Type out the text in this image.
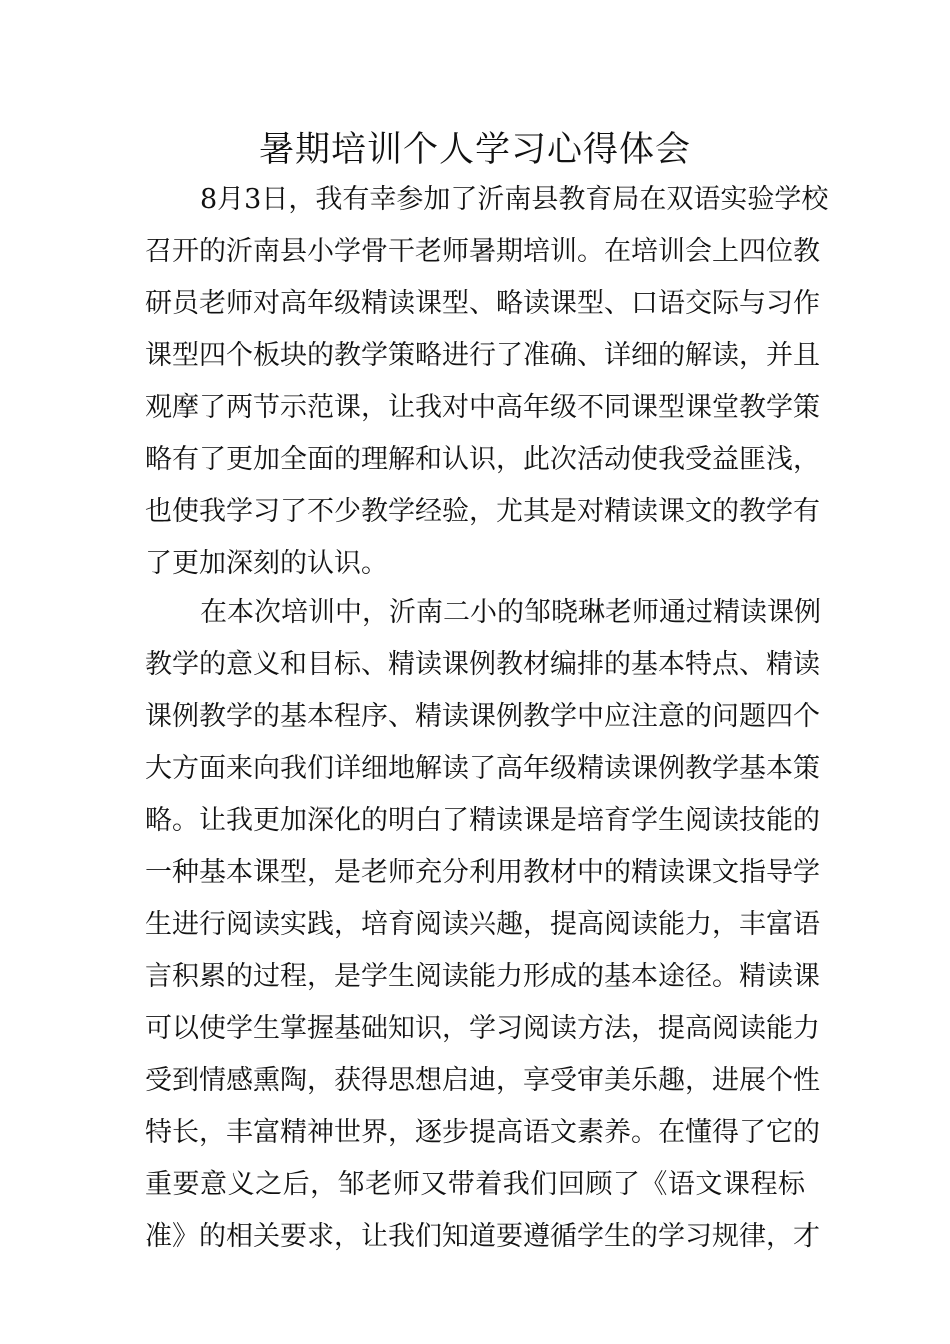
暑期培训个人学习心得体会
8月3日，我有幸参加了沂南县教育局在双语实验学校
召开的沂南县小学骨干老师暑期培训。在培训会上四位教
研员老师对高年级精读课型、略读课型、口语交际与习作
课型四个板块的教学策略进行了准确、详细的解读，并且
观摩了两节示范课，让我对中高年级不同课型课堂教学策
略有了更加全面的理解和认识，此次活动使我受益匪浅，
也使我学习了不少教学经验，尤其是对精读课文的教学有
了更加深刻的认识。
在本次培训中，沂南二小的邹晓琳老师通过精读课例
教学的意义和目标、精读课例教材编排的基本特点、精读
课例教学的基本程序、精读课例教学中应注意的问题四个
大方面来向我们详细地解读了高年级精读课例教学基本策
略。让我更加深化的明白了精读课是培育学生阅读技能的
一种基本课型，是老师充分利用教材中的精读课文指导学
生进行阅读实践，培育阅读兴趣，提高阅读能力，丰富语
言积累的过程，是学生阅读能力形成的基本途径。精读课
可以使学生掌握基础知识，学习阅读方法，提高阅读能力
受到情感熏陶，获得思想启迪，享受审美乐趣，进展个性
特长，丰富精神世界，逐步提高语文素养。在懂得了它的
重要意义之后，邹老师又带着我们回顾了《语文课程标
准》的相关要求，让我们知道要遵循学生的学习规律，才
